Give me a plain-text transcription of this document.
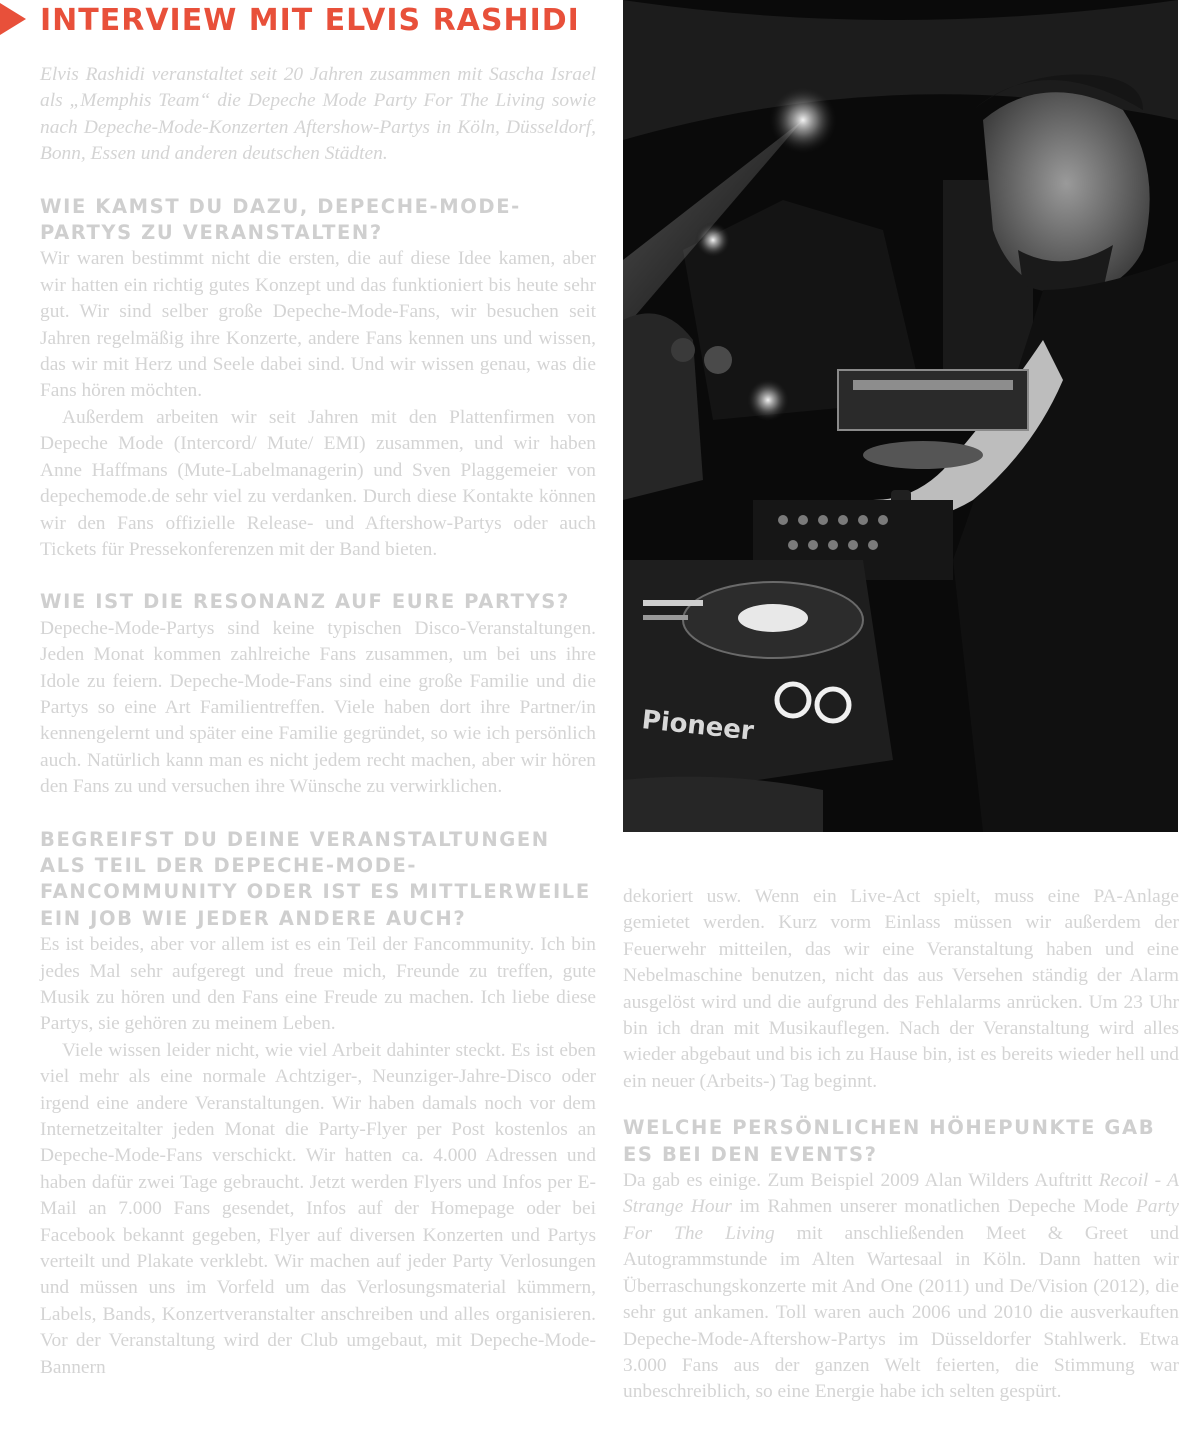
INTERVIEW MIT ELVIS RASHIDI

Elvis Rashidi veranstaltet seit 20 Jahren zusammen mit Sascha Israel als „Memphis Team“ die Depeche Mode Party For The Living sowie nach Depeche-Mode-Konzerten Aftershow-Partys in Köln, Düsseldorf, Bonn, Essen und anderen deutschen Städten.

WIE KAMST DU DAZU, DEPECHE-MODE-PARTYS ZU VERANSTALTEN?

Wir waren bestimmt nicht die ersten, die auf diese Idee kamen, aber wir hatten ein richtig gutes Konzept und das funktioniert bis heute sehr gut. Wir sind selber große Depeche-Mode-Fans, wir besuchen seit Jahren regelmäßig ihre Konzerte, andere Fans kennen uns und wissen, das wir mit Herz und Seele dabei sind. Und wir wissen genau, was die Fans hören möchten.

Außerdem arbeiten wir seit Jahren mit den Plattenfirmen von Depeche Mode (Intercord/ Mute/ EMI) zusammen, und wir haben Anne Haffmans (Mute-Labelmanagerin) und Sven Plaggemeier von depechemode.de sehr viel zu verdanken. Durch diese Kontakte können wir den Fans offizielle Release- und Aftershow-Partys oder auch Tickets für Pressekonferenzen mit der Band bieten.

WIE IST DIE RESONANZ AUF EURE PARTYS?

Depeche-Mode-Partys sind keine typischen Disco-Veranstaltungen. Jeden Monat kommen zahlreiche Fans zusammen, um bei uns ihre Idole zu feiern. Depeche-Mode-Fans sind eine große Familie und die Partys so eine Art Familientreffen. Viele haben dort ihre Partner/in kennengelernt und später eine Familie gegründet, so wie ich persönlich auch. Natürlich kann man es nicht jedem recht machen, aber wir hören den Fans zu und versuchen ihre Wünsche zu verwirklichen.

BEGREIFST DU DEINE VERANSTALTUNGEN ALS TEIL DER DEPECHE-MODE-FANCOMMUNITY ODER IST ES MITTLERWEILE EIN JOB WIE JEDER ANDERE AUCH?

Es ist beides, aber vor allem ist es ein Teil der Fancommunity. Ich bin jedes Mal sehr aufgeregt und freue mich, Freunde zu treffen, gute Musik zu hören und den Fans eine Freude zu machen. Ich liebe diese Partys, sie gehören zu meinem Leben.

Viele wissen leider nicht, wie viel Arbeit dahinter steckt. Es ist eben viel mehr als eine normale Achtziger-, Neunziger-Jahre-Disco oder irgend eine andere Veranstaltungen. Wir haben damals noch vor dem Internetzeitalter jeden Monat die Party-Flyer per Post kostenlos an Depeche-Mode-Fans verschickt. Wir hatten ca. 4.000 Adressen und haben dafür zwei Tage gebraucht. Jetzt werden Flyers und Infos per E-Mail an 7.000 Fans gesendet, Infos auf der Homepage oder bei Facebook bekannt gegeben, Flyer auf diversen Konzerten und Partys verteilt und Plakate verklebt. Wir machen auf jeder Party Verlosungen und müssen uns im Vorfeld um das Verlosungsmaterial kümmern, Labels, Bands, Konzertveranstalter anschreiben und alles organisieren. Vor der Veranstaltung wird der Club umgebaut, mit Depeche-Mode-Bannern

Pioneer

dekoriert usw. Wenn ein Live-Act spielt, muss eine PA-Anlage gemietet werden. Kurz vorm Einlass müssen wir außerdem der Feuerwehr mitteilen, das wir eine Veranstaltung haben und eine Nebelmaschine benutzen, nicht das aus Versehen ständig der Alarm ausgelöst wird und die aufgrund des Fehlalarms anrücken. Um 23 Uhr bin ich dran mit Musikauflegen. Nach der Veranstaltung wird alles wieder abgebaut und bis ich zu Hause bin, ist es bereits wieder hell und ein neuer (Arbeits-) Tag beginnt.

WELCHE PERSÖNLICHEN HÖHEPUNKTE GAB ES BEI DEN EVENTS?

Da gab es einige. Zum Beispiel 2009 Alan Wilders Auftritt Recoil - A Strange Hour im Rahmen unserer monatlichen Depeche Mode Party For The Living mit anschließenden Meet & Greet und Autogrammstunde im Alten Wartesaal in Köln. Dann hatten wir Überraschungskonzerte mit And One (2011) und De/Vision (2012), die sehr gut ankamen. Toll waren auch 2006 und 2010 die ausverkauften Depeche-Mode-Aftershow-Partys im Düsseldorfer Stahlwerk. Etwa 3.000 Fans aus der ganzen Welt feierten, die Stimmung war unbeschreiblich, so eine Energie habe ich selten gespürt.
